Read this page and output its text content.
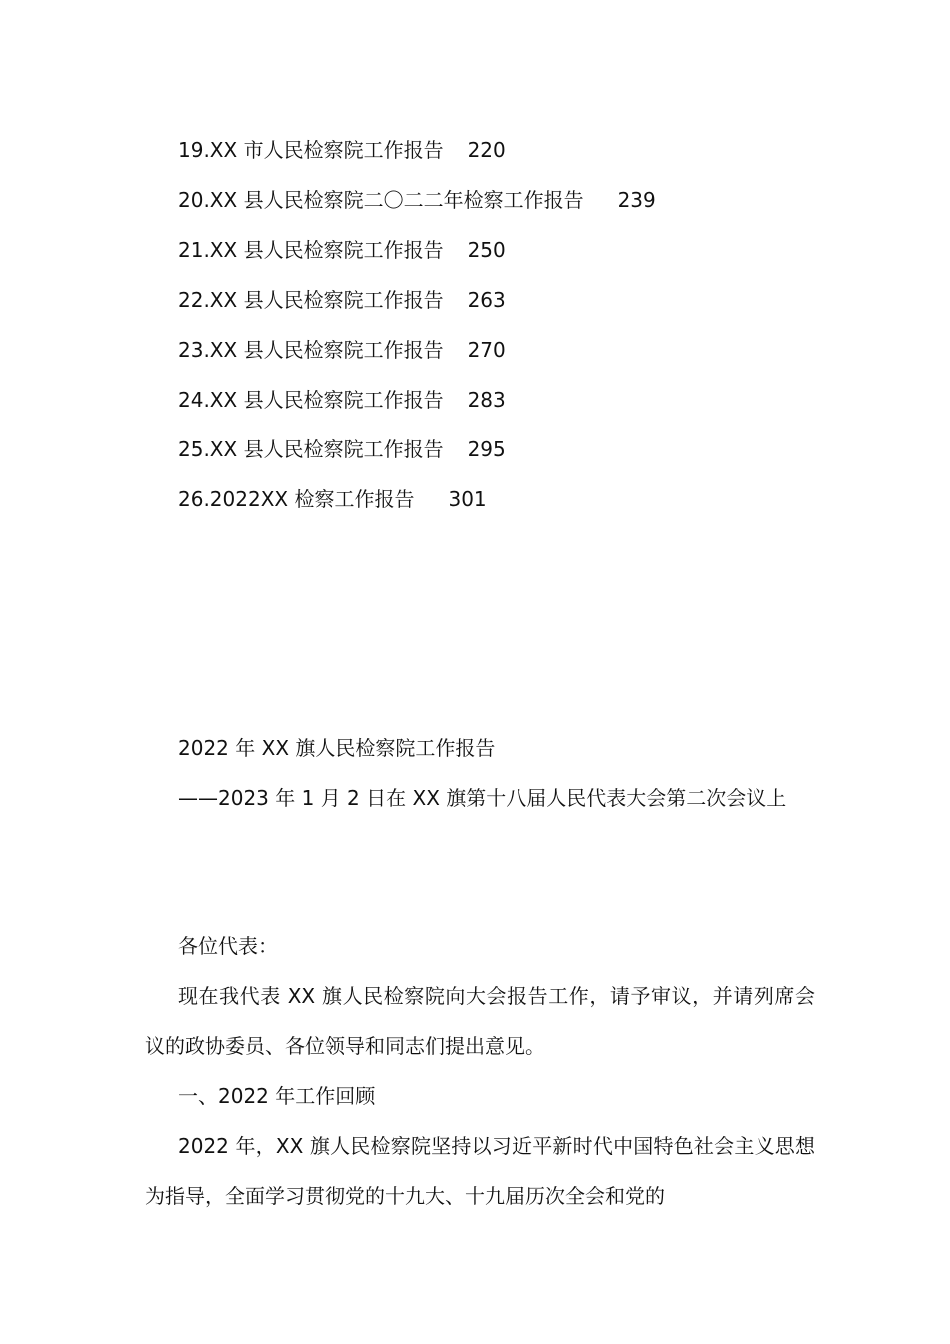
19.XX 市人民检察院工作报告 220
20.XX 县人民检察院二〇二二年检察工作报告 239
21.XX 县人民检察院工作报告 250
22.XX 县人民检察院工作报告 263
23.XX 县人民检察院工作报告 270
24.XX 县人民检察院工作报告 283
25.XX 县人民检察院工作报告 295
26.2022XX 检察工作报告 301
2022 年 XX 旗人民检察院工作报告
——2023 年 1 月 2 日在 XX 旗第十八届人民代表大会第二次会议上
各位代表：
现在我代表 XX 旗人民检察院向大会报告工作，请予审议，并请列席会议的政协委员、各位领导和同志们提出意见。
一、2022 年工作回顾
2022 年，XX 旗人民检察院坚持以习近平新时代中国特色社会主义思想为指导，全面学习贯彻党的十九大、十九届历次全会和党的
